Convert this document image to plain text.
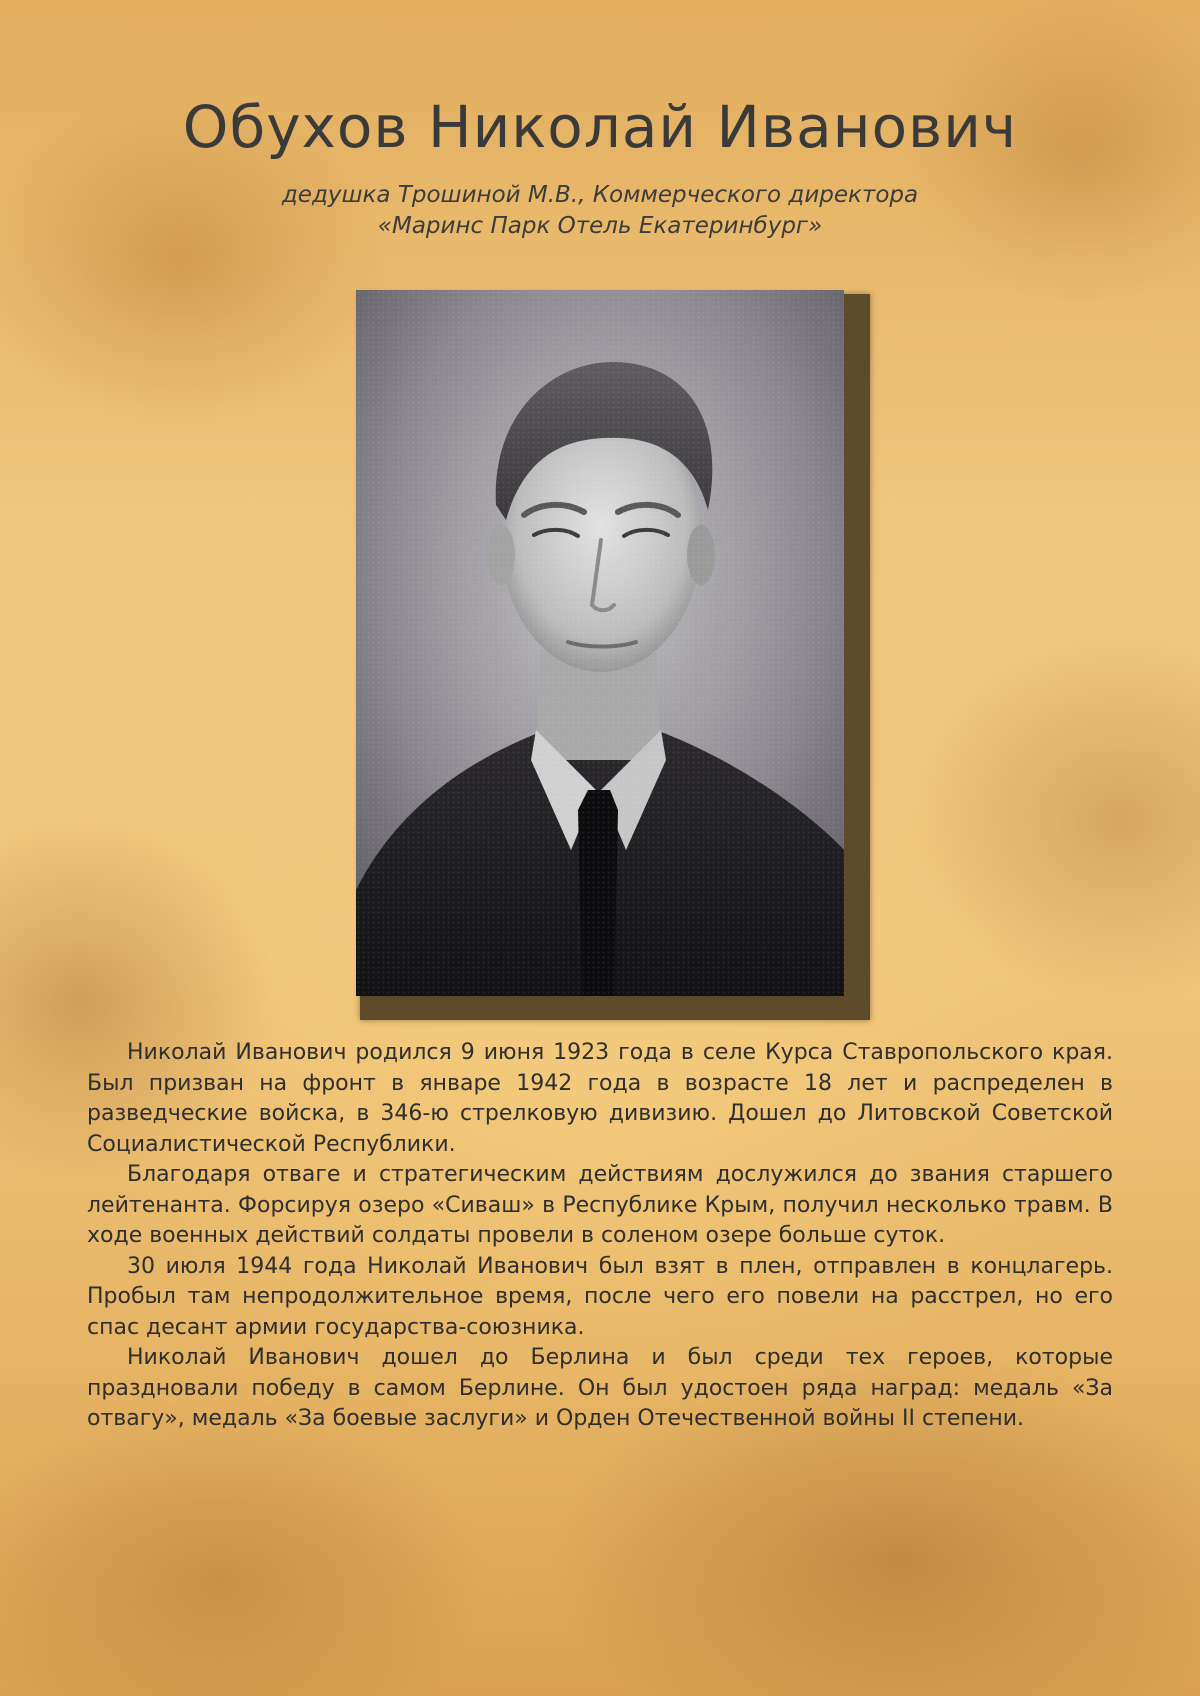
Обухов Николай Иванович
дедушка Трошиной М.В., Коммерческого директора
«Маринс Парк Отель Екатеринбург»

Николай Иванович родился 9 июня 1923 года в селе Курса Ставропольского края. Был призван на фронт в январе 1942 года в возрасте 18 лет и распределен в разведческие войска, в 346-ю стрелковую дивизию. Дошел до Литовской Советской Социалистической Республики.

Благодаря отваге и стратегическим действиям дослужился до звания старшего лейтенанта. Форсируя озеро «Сиваш» в Республике Крым, получил несколько травм. В ходе военных действий солдаты провели в соленом озере больше суток.

30 июля 1944 года Николай Иванович был взят в плен, отправлен в концлагерь. Пробыл там непродолжительное время, после чего его повели на расстрел, но его спас десант армии государства-союзника.

Николай Иванович дошел до Берлина и был среди тех героев, которые праздновали победу в самом Берлине. Он был удостоен ряда наград: медаль «За отвагу», медаль «За боевые заслуги» и Орден Отечественной войны II степени.
